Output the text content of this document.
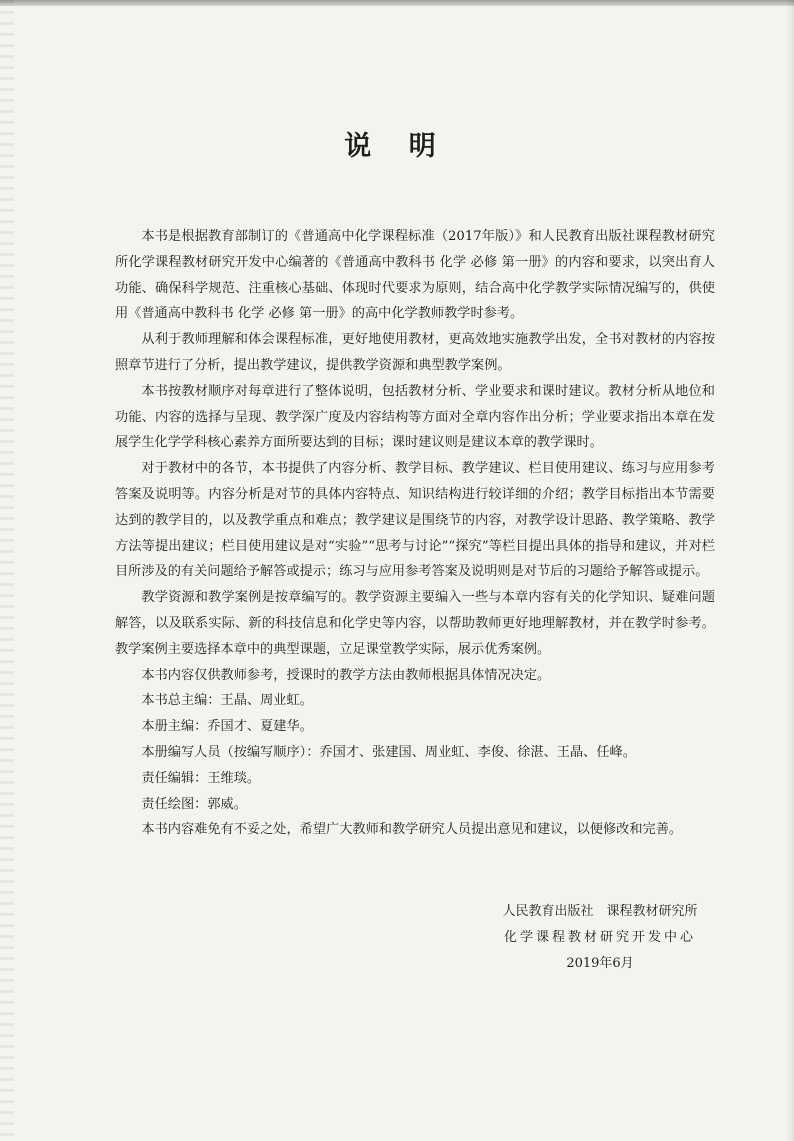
说 明

本书是根据教育部制订的《普通高中化学课程标准（2017年版）》和人民教育出版社课程教材研究所化学课程教材研究开发中心编著的《普通高中教科书 化学 必修 第一册》的内容和要求，以突出育人功能、确保科学规范、注重核心基础、体现时代要求为原则，结合高中化学教学实际情况编写的，供使用《普通高中教科书 化学 必修 第一册》的高中化学教师教学时参考。

从利于教师理解和体会课程标准，更好地使用教材，更高效地实施教学出发，全书对教材的内容按照章节进行了分析，提出教学建议，提供教学资源和典型教学案例。

本书按教材顺序对每章进行了整体说明，包括教材分析、学业要求和课时建议。教材分析从地位和功能、内容的选择与呈现、教学深广度及内容结构等方面对全章内容作出分析；学业要求指出本章在发展学生化学学科核心素养方面所要达到的目标；课时建议则是建议本章的教学课时。

对于教材中的各节，本书提供了内容分析、教学目标、教学建议、栏目使用建议、练习与应用参考答案及说明等。内容分析是对节的具体内容特点、知识结构进行较详细的介绍；教学目标指出本节需要达到的教学目的，以及教学重点和难点；教学建议是围绕节的内容，对教学设计思路、教学策略、教学方法等提出建议；栏目使用建议是对“实验”“思考与讨论”“探究”等栏目提出具体的指导和建议，并对栏目所涉及的有关问题给予解答或提示；练习与应用参考答案及说明则是对节后的习题给予解答或提示。

教学资源和教学案例是按章编写的。教学资源主要编入一些与本章内容有关的化学知识、疑难问题解答，以及联系实际、新的科技信息和化学史等内容，以帮助教师更好地理解教材，并在教学时参考。教学案例主要选择本章中的典型课题，立足课堂教学实际，展示优秀案例。

本书内容仅供教师参考，授课时的教学方法由教师根据具体情况决定。

本书总主编：王晶、周业虹。

本册主编：乔国才、夏建华。

本册编写人员（按编写顺序）：乔国才、张建国、周业虹、李俊、徐湛、王晶、任峰。

责任编辑：王维琰。

责任绘图：郭威。

本书内容难免有不妥之处，希望广大教师和教学研究人员提出意见和建议，以便修改和完善。

人民教育出版社　课程教材研究所
化学课程教材研究开发中心
2019年6月
